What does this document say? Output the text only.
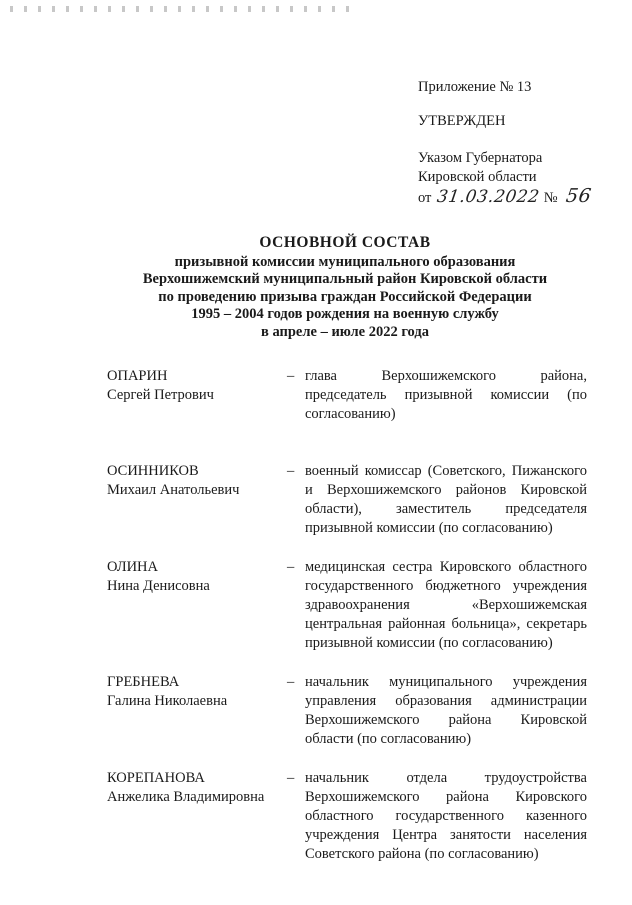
Приложение № 13
УТВЕРЖДЕН
Указом Губернатора
Кировской области
от 31.03.2022 № 56
ОСНОВНОЙ СОСТАВ
призывной комиссии муниципального образования
Верхошижемский муниципальный район Кировской области
по проведению призыва граждан Российской Федерации
1995 – 2004 годов рождения на военную службу
в апреле – июле 2022 года
ОПАРИН
Сергей Петрович
– глава Верхошижемского района, председатель призывной комиссии (по согласованию)
ОСИННИКОВ
Михаил Анатольевич
– военный комиссар (Советского, Пижанского и Верхошижемского районов Кировской области), заместитель председателя призывной комиссии (по согласованию)
ОЛИНА
Нина Денисовна
– медицинская сестра Кировского областного государственного бюджетного учреждения здравоохранения «Верхошижемская центральная районная больница», секретарь призывной комиссии (по согласованию)
ГРЕБНЕВА
Галина Николаевна
– начальник муниципального учреждения управления образования администрации Верхошижемского района Кировской области (по согласованию)
КОРЕПАНОВА
Анжелика Владимировна
– начальник отдела трудоустройства Верхошижемского района Кировского областного государственного казенного учреждения Центра занятости населения Советского района (по согласованию)
